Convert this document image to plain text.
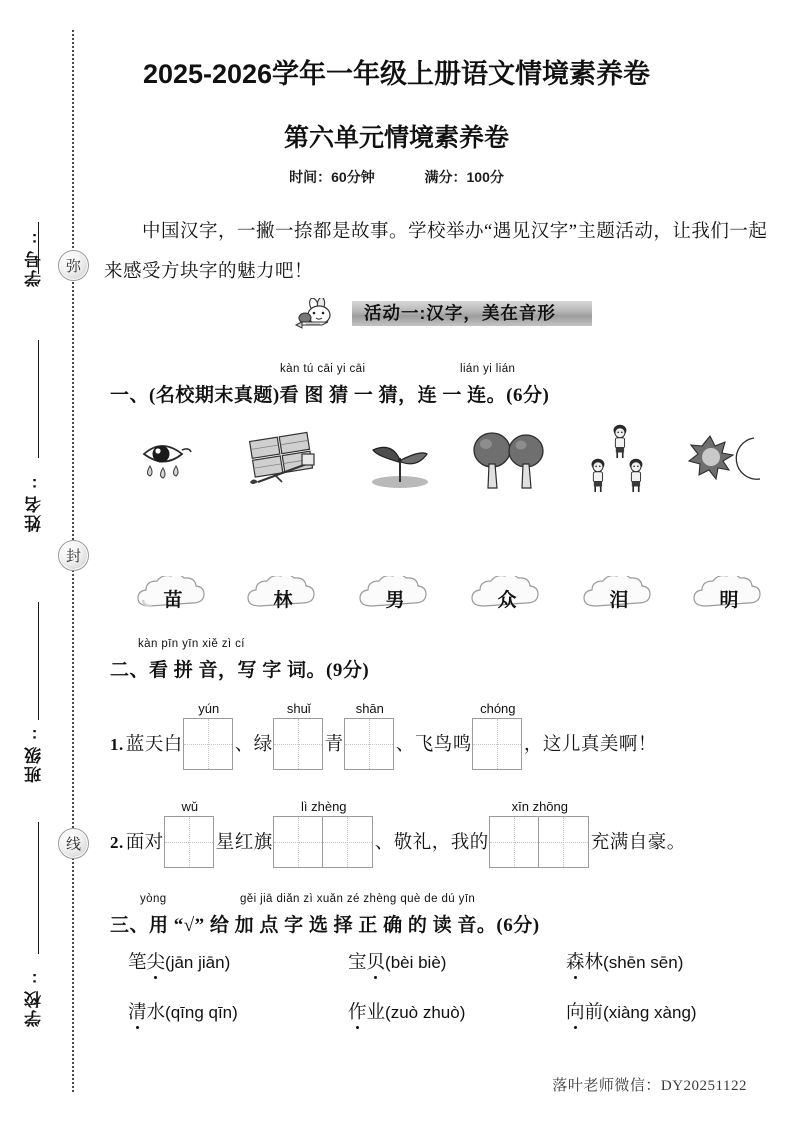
学号:	弥
姓名:
封
班级:
线
学校:
2025-2026学年一年级上册语文情境素养卷
第六单元情境素养卷
时间：60分钟	满分：100分
中国汉字，一撇一捺都是故事。学校举办“遇见汉字”主题活动，让我们一起来感受方块字的魅力吧！
活动一:汉字，美在音形
kàn tú cāi yi cāi	lián yi lián
一、(名校期末真题)看 图 猜 一 猜，连 一 连。(6分)
苗	林	男	众	泪	明
kàn pīn yīn xiě zì cí
二、看 拼 音，写 字 词。(9分)
1. 蓝天白
yún
、绿
shuǐ
青
shān
、飞鸟鸣
chóng
，这儿真美啊！
2. 面对
wǔ
星红旗
lì zhèng
、敬礼，我的
xīn zhōng
充满自豪。
yòng	gěi jiā diǎn zì xuǎn zé zhèng què de dú yīn
三、用 “√” 给 加 点 字 选 择 正 确 的 读 音。(6分)
笔尖(jān jiān)	宝贝(bèi biè)	森林(shēn sēn)
清水(qīng qīn)	作业(zuò zhuò)	向前(xiàng xàng)
落叶老师微信：DY20251122
